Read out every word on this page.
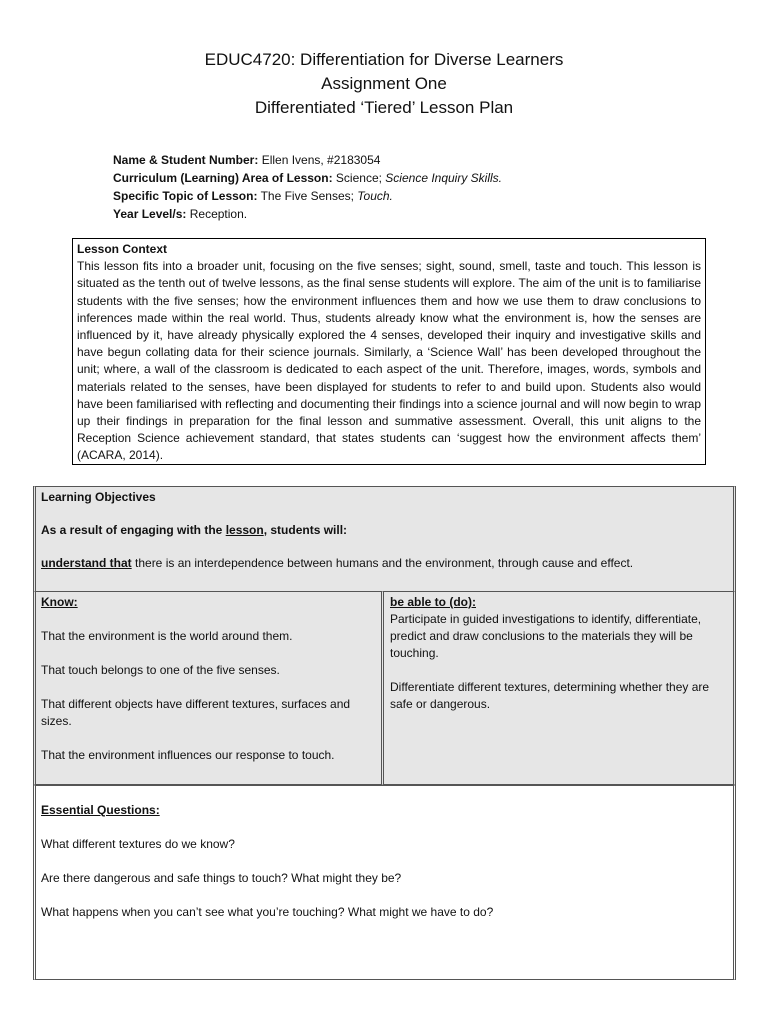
EDUC4720: Differentiation for Diverse Learners
Assignment One
Differentiated ‘Tiered’ Lesson Plan
Name & Student Number: Ellen Ivens, #2183054
Curriculum (Learning) Area of Lesson: Science; Science Inquiry Skills.
Specific Topic of Lesson: The Five Senses; Touch.
Year Level/s: Reception.
Lesson Context
This lesson fits into a broader unit, focusing on the five senses; sight, sound, smell, taste and touch. This lesson is situated as the tenth out of twelve lessons, as the final sense students will explore. The aim of the unit is to familiarise students with the five senses; how the environment influences them and how we use them to draw conclusions to inferences made within the real world. Thus, students already know what the environment is, how the senses are influenced by it, have already physically explored the 4 senses, developed their inquiry and investigative skills and have begun collating data for their science journals. Similarly, a ‘Science Wall’ has been developed throughout the unit; where, a wall of the classroom is dedicated to each aspect of the unit. Therefore, images, words, symbols and materials related to the senses, have been displayed for students to refer to and build upon. Students also would have been familiarised with reflecting and documenting their findings into a science journal and will now begin to wrap up their findings in preparation for the final lesson and summative assessment. Overall, this unit aligns to the Reception Science achievement standard, that states students can ‘suggest how the environment affects them’ (ACARA, 2014).
Learning Objectives
As a result of engaging with the lesson, students will:
understand that there is an interdependence between humans and the environment, through cause and effect.
Know:

That the environment is the world around them.

That touch belongs to one of the five senses.

That different objects have different textures, surfaces and sizes.

That the environment influences our response to touch.

be able to (do):

Participate in guided investigations to identify, differentiate, predict and draw conclusions to the materials they will be touching.

Differentiate different textures, determining whether they are safe or dangerous.

Essential Questions:

What different textures do we know?

Are there dangerous and safe things to touch? What might they be?

What happens when you can’t see what you’re touching? What might we have to do?
